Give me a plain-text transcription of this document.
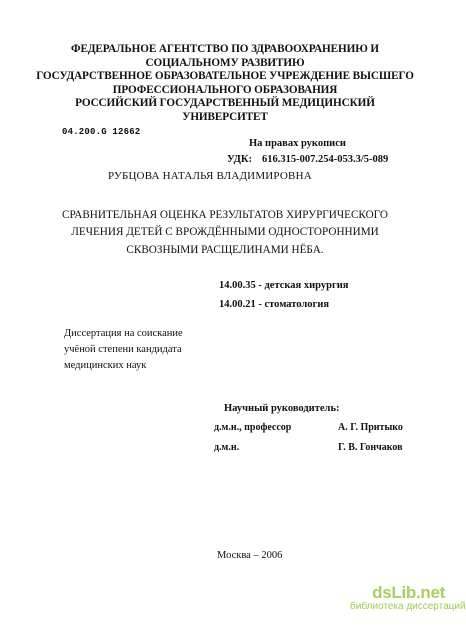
ФЕДЕРАЛЬНОЕ АГЕНТСТВО ПО ЗДРАВООХРАНЕНИЮ И
СОЦИАЛЬНОМУ РАЗВИТИЮ
ГОСУДАРСТВЕННОЕ ОБРАЗОВАТЕЛЬНОЕ УЧРЕЖДЕНИЕ ВЫСШЕГО
ПРОФЕССИОНАЛЬНОГО ОБРАЗОВАНИЯ
РОССИЙСКИЙ ГОСУДАРСТВЕННЫЙ МЕДИЦИНСКИЙ
УНИВЕРСИТЕТ
04.200.G 12662
На правах рукописи
УДК: 616.315-007.254-053.3/5-089
РУБЦОВА НАТАЛЬЯ ВЛАДИМИРОВНА
СРАВНИТЕЛЬНАЯ ОЦЕНКА РЕЗУЛЬТАТОВ ХИРУРГИЧЕСКОГО
ЛЕЧЕНИЯ ДЕТЕЙ С ВРОЖДЁННЫМИ ОДНОСТОРОННИМИ
СКВОЗНЫМИ РАСЩЕЛИНАМИ НЁБА.
14.00.35 - детская хирургия
14.00.21 - стоматология
Диссертация на соискание
учёной степени кандидата
медицинских наук
Научный руководитель:
д.м.н., профессор	А. Г. Притыко
д.м.н.	Г. В. Гончаков
Москва – 2006
dsLib.net
библиотека диссертаций
